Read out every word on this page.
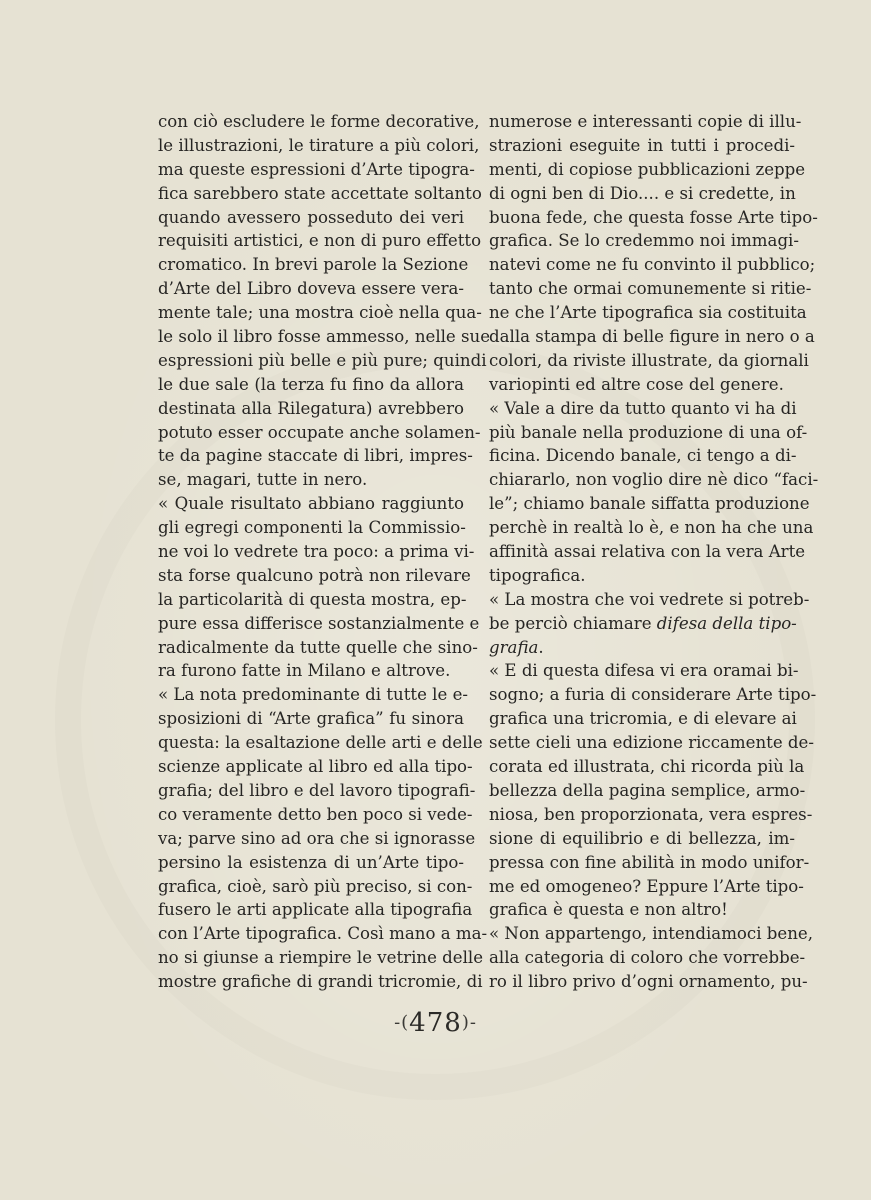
con ciò escludere le forme decorative,
le illustrazioni, le tirature a più colori,
ma queste espressioni d’Arte tipogra-
fica sarebbero state accettate soltanto
quando avessero posseduto dei veri
requisiti artistici, e non di puro effetto
cromatico. In brevi parole la Sezione
d’Arte del Libro doveva essere vera-
mente tale; una mostra cioè nella qua-
le solo il libro fosse ammesso, nelle sue
espressioni più belle e più pure; quindi
le due sale (la terza fu fino da allora
destinata alla Rilegatura) avrebbero
potuto esser occupate anche solamen-
te da pagine staccate di libri, impres-
se, magari, tutte in nero.
« Quale risultato abbiano raggiunto
gli egregi componenti la Commissio-
ne voi lo vedrete tra poco: a prima vi-
sta forse qualcuno potrà non rilevare
la particolarità di questa mostra, ep-
pure essa differisce sostanzialmente e
radicalmente da tutte quelle che sino-
ra furono fatte in Milano e altrove.
« La nota predominante di tutte le e-
sposizioni di “Arte grafica” fu sinora
questa: la esaltazione delle arti e delle
scienze applicate al libro ed alla tipo-
grafia; del libro e del lavoro tipografi-
co veramente detto ben poco si vede-
va; parve sino ad ora che si ignorasse
persino la esistenza di un’Arte tipo-
grafica, cioè, sarò più preciso, si con-
fusero le arti applicate alla tipografia
con l’Arte tipografica. Così mano a ma-
no si giunse a riempire le vetrine delle
mostre grafiche di grandi tricromie, di
numerose e interessanti copie di illu-
strazioni eseguite in tutti i procedi-
menti, di copiose pubblicazioni zeppe
di ogni ben di Dio.... e si credette, in
buona fede, che questa fosse Arte tipo-
grafica. Se lo credemmo noi immagi-
natevi come ne fu convinto il pubblico;
tanto che ormai comunemente si ritie-
ne che l’Arte tipografica sia costituita
dalla stampa di belle figure in nero o a
colori, da riviste illustrate, da giornali
variopinti ed altre cose del genere.
« Vale a dire da tutto quanto vi ha di
più banale nella produzione di una of-
ficina. Dicendo banale, ci tengo a di-
chiararlo, non voglio dire nè dico “faci-
le”; chiamo banale siffatta produzione
perchè in realtà lo è, e non ha che una
affinità assai relativa con la vera Arte
tipografica.
« La mostra che voi vedrete si potreb-
be perciò chiamare difesa della tipo-
grafia.
« E di questa difesa vi era oramai bi-
sogno; a furia di considerare Arte tipo-
grafica una tricromia, e di elevare ai
sette cieli una edizione riccamente de-
corata ed illustrata, chi ricorda più la
bellezza della pagina semplice, armo-
niosa, ben proporzionata, vera espres-
sione di equilibrio e di bellezza, im-
pressa con fine abilità in modo unifor-
me ed omogeneo? Eppure l’Arte tipo-
grafica è questa e non altro!
« Non appartengo, intendiamoci bene,
alla categoria di coloro che vorrebbe-
ro il libro privo d’ogni ornamento, pu-
-(478)-
